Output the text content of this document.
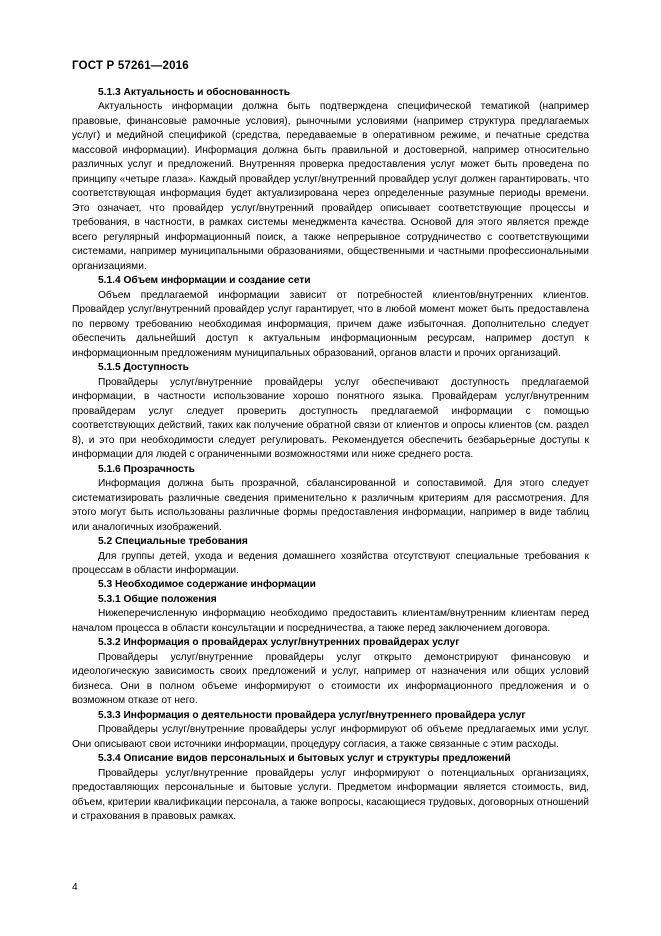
ГОСТ Р 57261—2016

5.1.3 Актуальность и обоснованность

Актуальность информации должна быть подтверждена специфической тематикой (например правовые, финансовые рамочные условия), рыночными условиями (например структура предлагаемых услуг) и медийной спецификой (средства, передаваемые в оперативном режиме, и печатные средства массовой информации). Информация должна быть правильной и достоверной, например относительно различных услуг и предложений. Внутренняя проверка предоставления услуг может быть проведена по принципу «четыре глаза». Каждый провайдер услуг/внутренний провайдер услуг должен гарантировать, что соответствующая информация будет актуализирована через определенные разумные периоды времени. Это означает, что провайдер услуг/внутренний провайдер описывает соответствующие процессы и требования, в частности, в рамках системы менеджмента качества. Основой для этого является прежде всего регулярный информационный поиск, а также непрерывное сотрудничество с соответствующими системами, например муниципальными образованиями, общественными и частными профессиональными организациями.

5.1.4 Объем информации и создание сети

Объем предлагаемой информации зависит от потребностей клиентов/внутренних клиентов. Провайдер услуг/внутренний провайдер услуг гарантирует, что в любой момент может быть предоставлена по первому требованию необходимая информация, причем даже избыточная. Дополнительно следует обеспечить дальнейший доступ к актуальным информационным ресурсам, например доступ к информационным предложениям муниципальных образований, органов власти и прочих организаций.

5.1.5 Доступность

Провайдеры услуг/внутренние провайдеры услуг обеспечивают доступность предлагаемой информации, в частности использование хорошо понятного языка. Провайдерам услуг/внутренним провайдерам услуг следует проверить доступность предлагаемой информации с помощью соответствующих действий, таких как получение обратной связи от клиентов и опросы клиентов (см. раздел 8), и это при необходимости следует регулировать. Рекомендуется обеспечить безбарьерные доступы к информации для людей с ограниченными возможностями или ниже среднего роста.

5.1.6 Прозрачность

Информация должна быть прозрачной, сбалансированной и сопоставимой. Для этого следует систематизировать различные сведения применительно к различным критериям для рассмотрения. Для этого могут быть использованы различные формы предоставления информации, например в виде таблиц или аналогичных изображений.

5.2 Специальные требования

Для группы детей, ухода и ведения домашнего хозяйства отсутствуют специальные требования к процессам в области информации.

5.3 Необходимое содержание информации

5.3.1 Общие положения

Нижеперечисленную информацию необходимо предоставить клиентам/внутренним клиентам перед началом процесса в области консультации и посредничества, а также перед заключением договора.

5.3.2 Информация о провайдерах услуг/внутренних провайдерах услуг

Провайдеры услуг/внутренние провайдеры услуг открыто демонстрируют финансовую и идеологическую зависимость своих предложений и услуг, например от назначения или общих условий бизнеса. Они в полном объеме информируют о стоимости их информационного предложения и о возможном отказе от него.

5.3.3 Информация о деятельности провайдера услуг/внутреннего провайдера услуг

Провайдеры услуг/внутренние провайдеры услуг информируют об объеме предлагаемых ими услуг. Они описывают свои источники информации, процедуру согласия, а также связанные с этим расходы.

5.3.4 Описание видов персональных и бытовых услуг и структуры предложений

Провайдеры услуг/внутренние провайдеры услуг информируют о потенциальных организациях, предоставляющих персональные и бытовые услуги. Предметом информации является стоимость, вид, объем, критерии квалификации персонала, а также вопросы, касающиеся трудовых, договорных отношений и страхования в правовых рамках.

4
